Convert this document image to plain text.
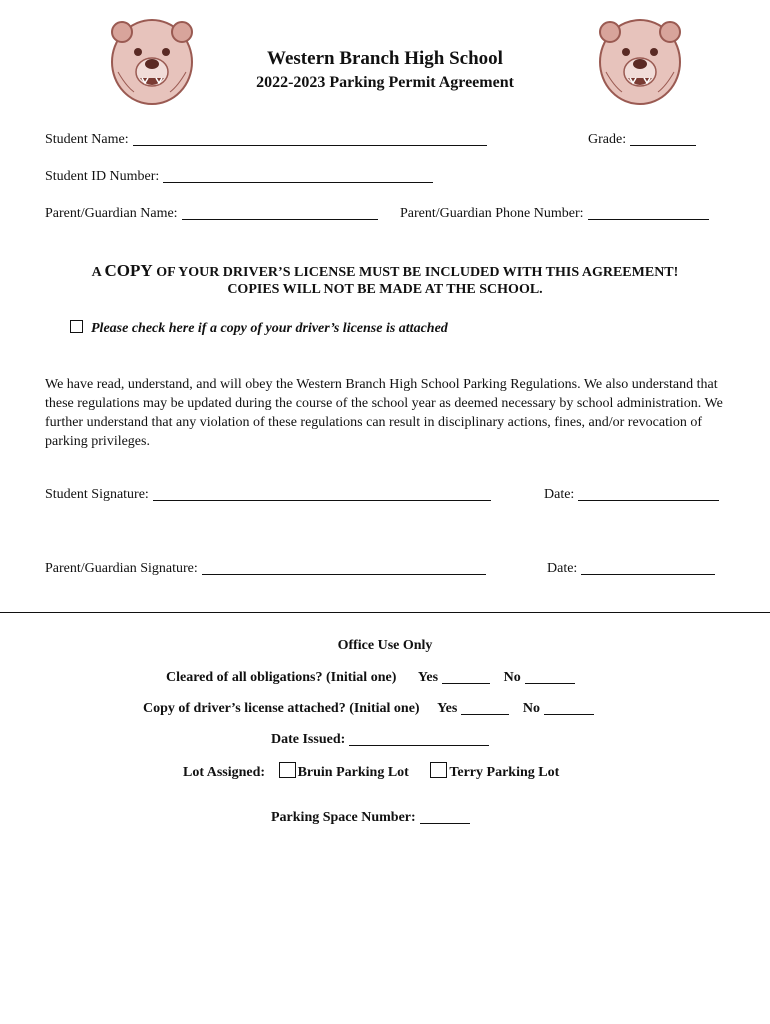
Western Branch High School
2022-2023 Parking Permit Agreement
Student Name:	Grade:
Student ID Number:
Parent/Guardian Name:	Parent/Guardian Phone Number:
A COPY OF YOUR DRIVER’S LICENSE MUST BE INCLUDED WITH THIS AGREEMENT!
COPIES WILL NOT BE MADE AT THE SCHOOL.
Please check here if a copy of your driver’s license is attached
We have read, understand, and will obey the Western Branch High School Parking Regulations. We also understand that these regulations may be updated during the course of the school year as deemed necessary by school administration. We further understand that any violation of these regulations can result in disciplinary actions, fines, and/or revocation of parking privileges.
Student Signature:	Date:
Parent/Guardian Signature:	Date:
Office Use Only
Cleared of all obligations? (Initial one) Yes	No
Copy of driver’s license attached? (Initial one) Yes	No
Date Issued:
Lot Assigned: Bruin Parking Lot	Terry Parking Lot
Parking Space Number:
